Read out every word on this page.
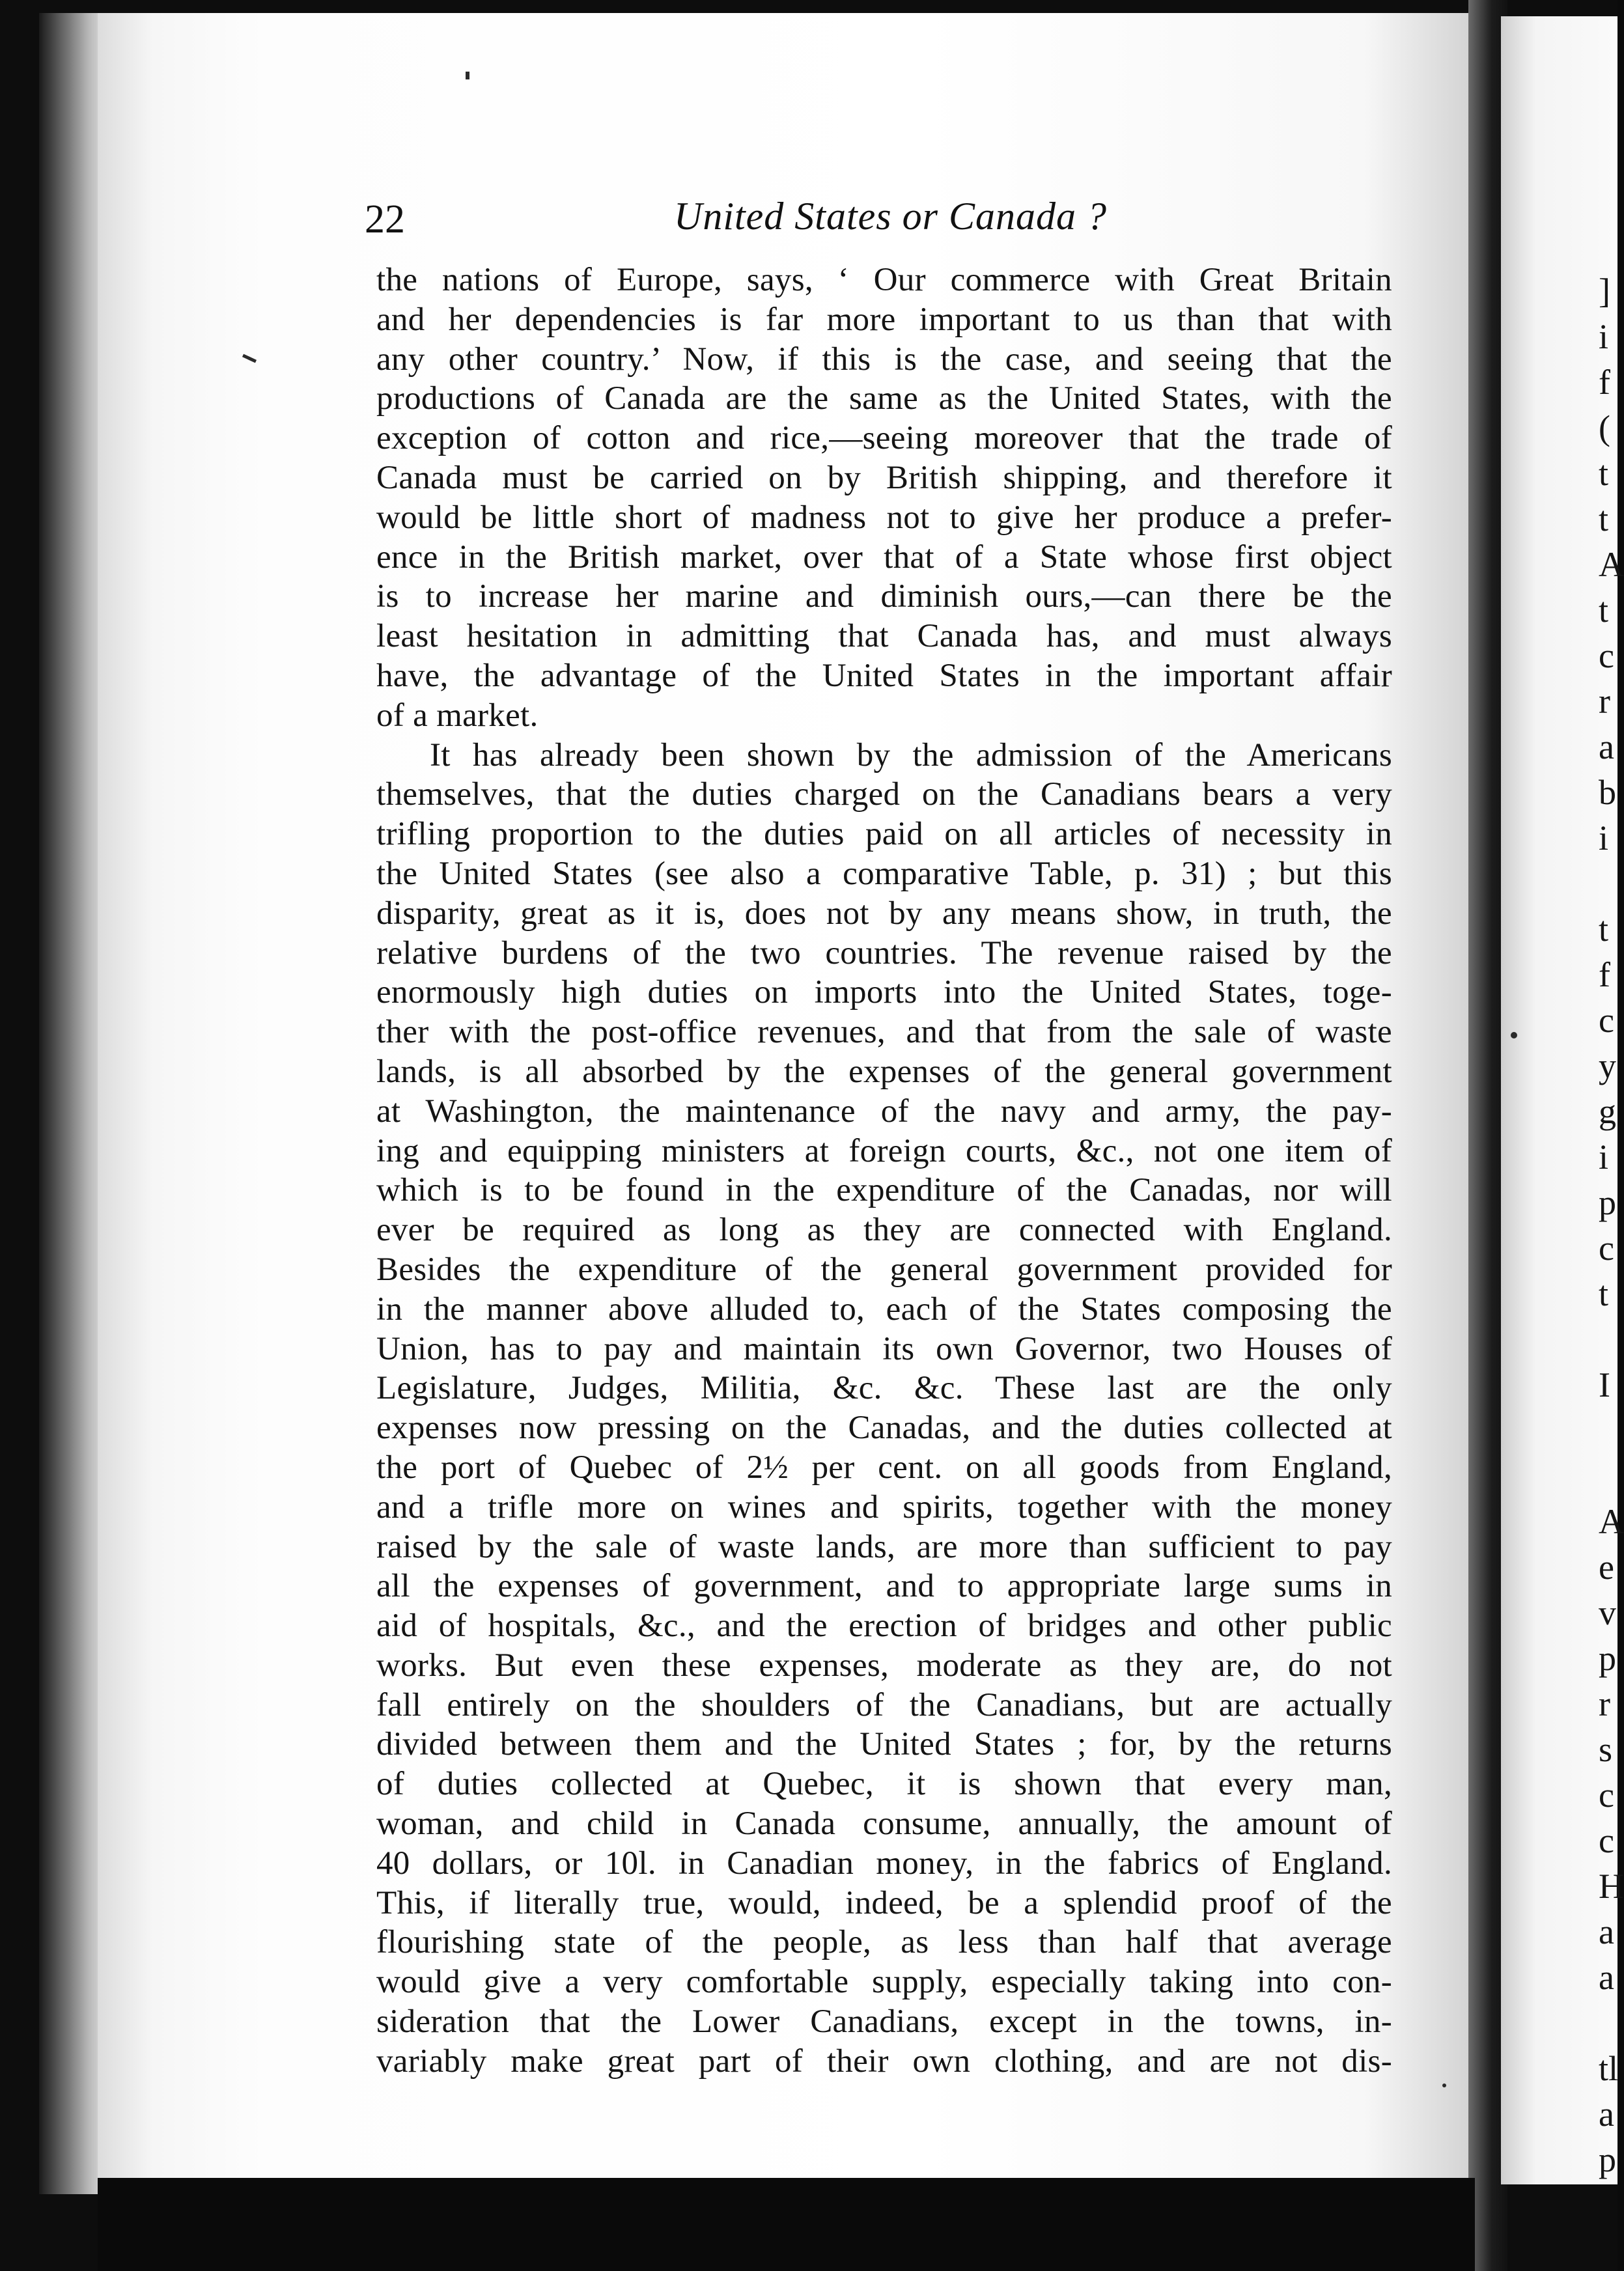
]
i
f
(
t
t
A
t
c
r
a
b
i
t
f
c
y
g
i
p
c
t
I
A
e
v
p
r
s
c
c
H
a
a
tl
a
p
22	United States or Canada ?
the nations of Europe, says, ‘ Our commerce with Great Britain
and her dependencies is far more important to us than that with
any other country.’ Now, if this is the case, and seeing that the
productions of Canada are the same as the United States, with the
exception of cotton and rice,—seeing moreover that the trade of
Canada must be carried on by British shipping, and therefore it
would be little short of madness not to give her produce a prefer-
ence in the British market, over that of a State whose first object
is to increase her marine and diminish ours,—can there be the
least hesitation in admitting that Canada has, and must always
have, the advantage of the United States in the important affair
of a market.
It has already been shown by the admission of the Americans
themselves, that the duties charged on the Canadians bears a very
trifling proportion to the duties paid on all articles of necessity in
the United States (see also a comparative Table, p. 31) ; but this
disparity, great as it is, does not by any means show, in truth, the
relative burdens of the two countries. The revenue raised by the
enormously high duties on imports into the United States, toge-
ther with the post-office revenues, and that from the sale of waste
lands, is all absorbed by the expenses of the general government
at Washington, the maintenance of the navy and army, the pay-
ing and equipping ministers at foreign courts, &c., not one item of
which is to be found in the expenditure of the Canadas, nor will
ever be required as long as they are connected with England.
Besides the expenditure of the general government provided for
in the manner above alluded to, each of the States composing the
Union, has to pay and maintain its own Governor, two Houses of
Legislature, Judges, Militia, &c. &c. These last are the only
expenses now pressing on the Canadas, and the duties collected at
the port of Quebec of 2½ per cent. on all goods from England,
and a trifle more on wines and spirits, together with the money
raised by the sale of waste lands, are more than sufficient to pay
all the expenses of government, and to appropriate large sums in
aid of hospitals, &c., and the erection of bridges and other public
works. But even these expenses, moderate as they are, do not
fall entirely on the shoulders of the Canadians, but are actually
divided between them and the United States ; for, by the returns
of duties collected at Quebec, it is shown that every man,
woman, and child in Canada consume, annually, the amount of
40 dollars, or 10l. in Canadian money, in the fabrics of England.
This, if literally true, would, indeed, be a splendid proof of the
flourishing state of the people, as less than half that average
would give a very comfortable supply, especially taking into con-
sideration that the Lower Canadians, except in the towns, in-
variably make great part of their own clothing, and are not dis-
